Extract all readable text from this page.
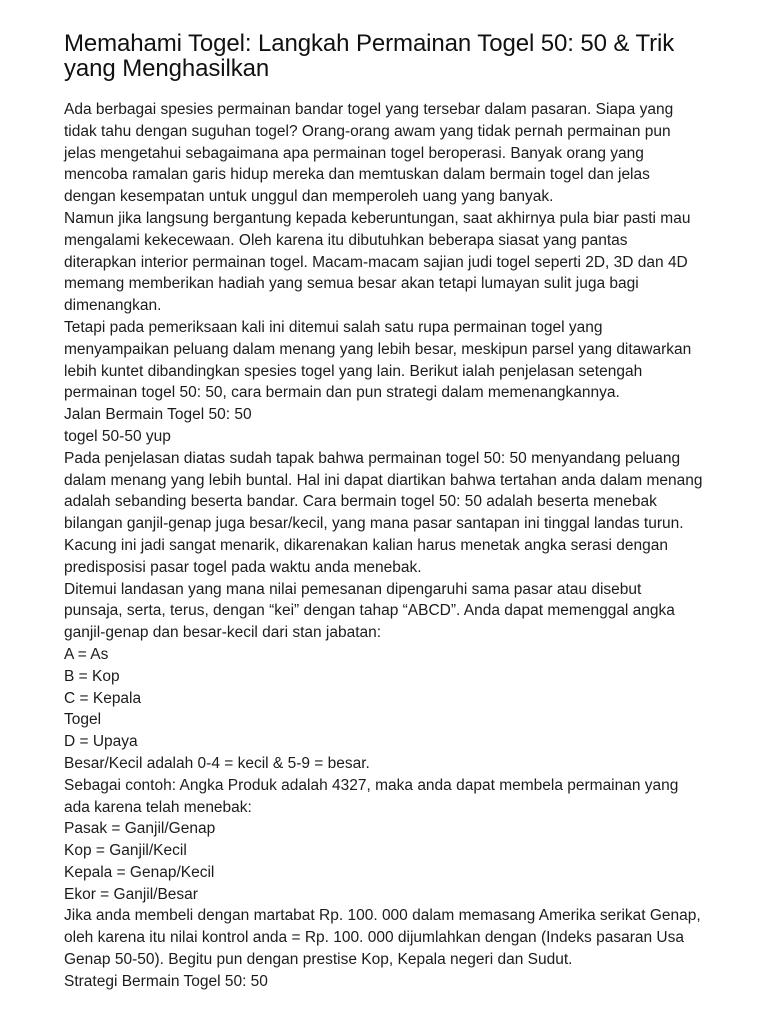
Memahami Togel: Langkah Permainan Togel 50: 50 & Trik
yang Menghasilkan
Ada berbagai spesies permainan bandar togel yang tersebar dalam pasaran. Siapa yang
tidak tahu dengan suguhan togel? Orang-orang awam yang tidak pernah permainan pun
jelas mengetahui sebagaimana apa permainan togel beroperasi. Banyak orang yang
mencoba ramalan garis hidup mereka dan memtuskan dalam bermain togel dan jelas
dengan kesempatan untuk unggul dan memperoleh uang yang banyak.
Namun jika langsung bergantung kepada keberuntungan, saat akhirnya pula biar pasti mau
mengalami kekecewaan. Oleh karena itu dibutuhkan beberapa siasat yang pantas
diterapkan interior permainan togel. Macam-macam sajian judi togel seperti 2D, 3D dan 4D
memang memberikan hadiah yang semua besar akan tetapi lumayan sulit juga bagi
dimenangkan.
Tetapi pada pemeriksaan kali ini ditemui salah satu rupa permainan togel yang
menyampaikan peluang dalam menang yang lebih besar, meskipun parsel yang ditawarkan
lebih kuntet dibandingkan spesies togel yang lain. Berikut ialah penjelasan setengah
permainan togel 50: 50, cara bermain dan pun strategi dalam memenangkannya.
Jalan Bermain Togel 50: 50
togel 50-50 yup
Pada penjelasan diatas sudah tapak bahwa permainan togel 50: 50 menyandang peluang
dalam menang yang lebih buntal. Hal ini dapat diartikan bahwa tertahan anda dalam menang
adalah sebanding beserta bandar. Cara bermain togel 50: 50 adalah beserta menebak
bilangan ganjil-genap juga besar/kecil, yang mana pasar santapan ini tinggal landas turun.
Kacung ini jadi sangat menarik, dikarenakan kalian harus menetak angka serasi dengan
predisposisi pasar togel pada waktu anda menebak.
Ditemui landasan yang mana nilai pemesanan dipengaruhi sama pasar atau disebut
punsaja, serta, terus, dengan “kei” dengan tahap “ABCD”. Anda dapat memenggal angka
ganjil-genap dan besar-kecil dari stan jabatan:
A = As
B = Kop
C = Kepala
Togel
D = Upaya
Besar/Kecil adalah 0-4 = kecil & 5-9 = besar.
Sebagai contoh: Angka Produk adalah 4327, maka anda dapat membela permainan yang
ada karena telah menebak:
Pasak = Ganjil/Genap
Kop = Ganjil/Kecil
Kepala = Genap/Kecil
Ekor = Ganjil/Besar
Jika anda membeli dengan martabat Rp. 100. 000 dalam memasang Amerika serikat Genap,
oleh karena itu nilai kontrol anda = Rp. 100. 000 dijumlahkan dengan (Indeks pasaran Usa
Genap 50-50). Begitu pun dengan prestise Kop, Kepala negeri dan Sudut.
Strategi Bermain Togel 50: 50
